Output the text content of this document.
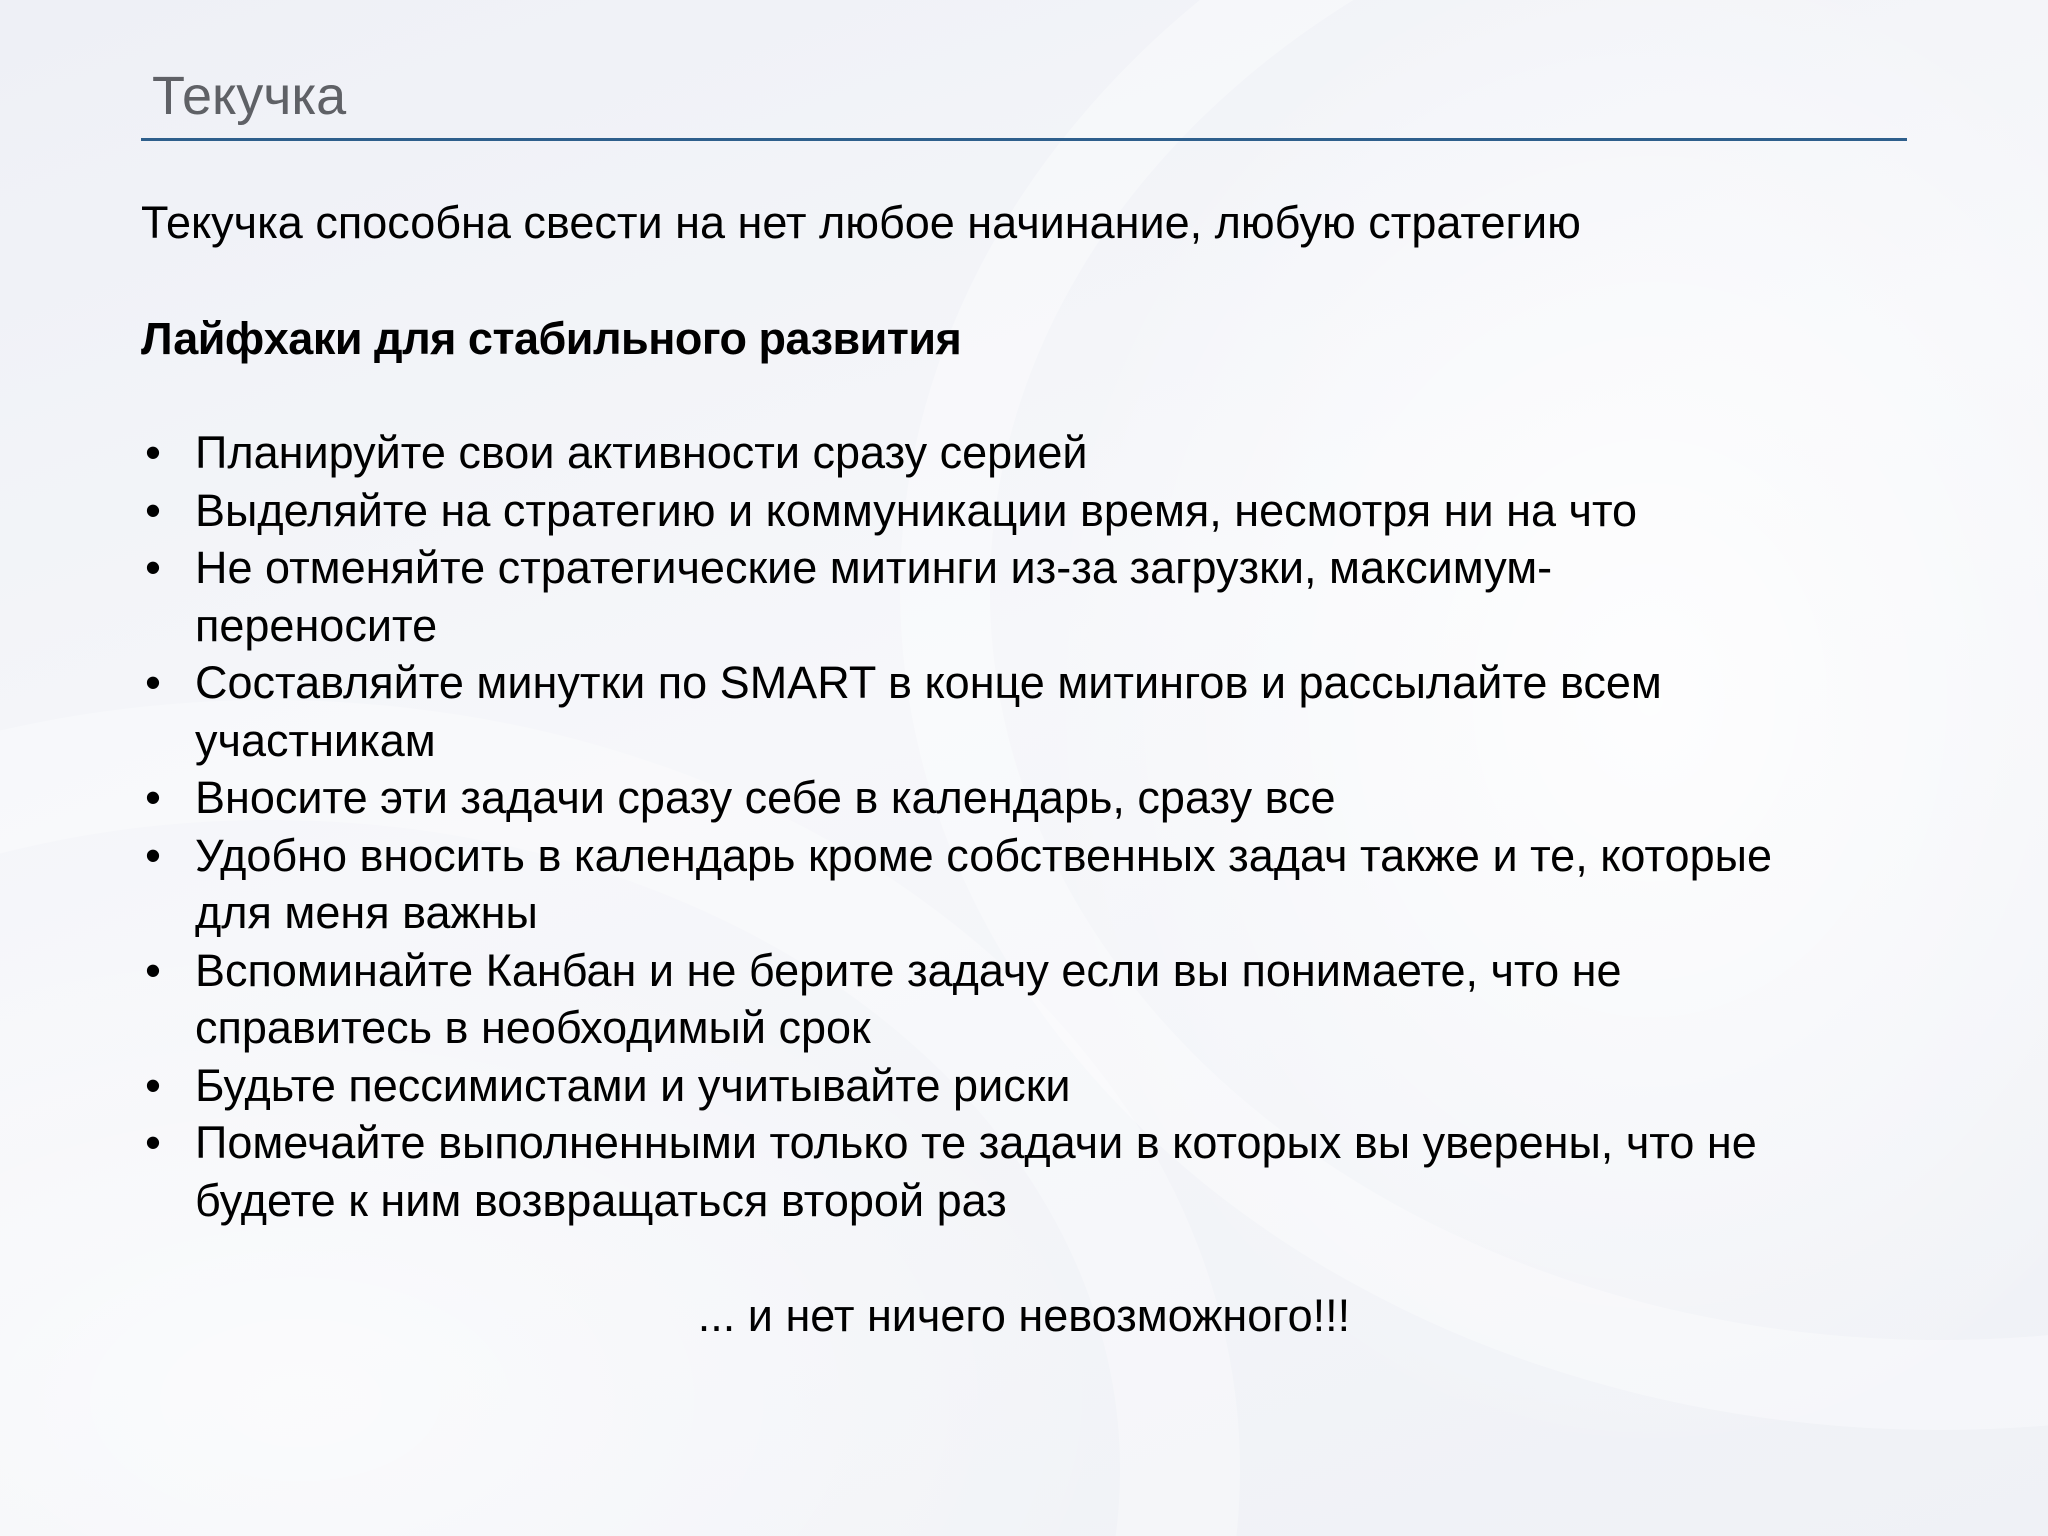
Текучка
Текучка способна свести на нет любое начинание, любую стратегию
Лайфхаки для стабильного развития
• Планируйте свои активности сразу серией
• Выделяйте на стратегию и коммуникации время, несмотря ни на что
• Не отменяйте стратегические митинги из-за загрузки, максимум-
переносите
• Составляйте минутки по SMART в конце митингов и рассылайте всем
участникам
• Вносите эти задачи сразу себе в календарь, сразу все
• Удобно вносить в календарь кроме собственных задач также и те, которые
для меня важны
• Вспоминайте Канбан и не берите задачу если вы понимаете, что не
справитесь в необходимый срок
• Будьте пессимистами и учитывайте риски
• Помечайте выполненными только те задачи в которых вы уверены, что не
будете к ним возвращаться второй раз
... и нет ничего невозможного!!!
